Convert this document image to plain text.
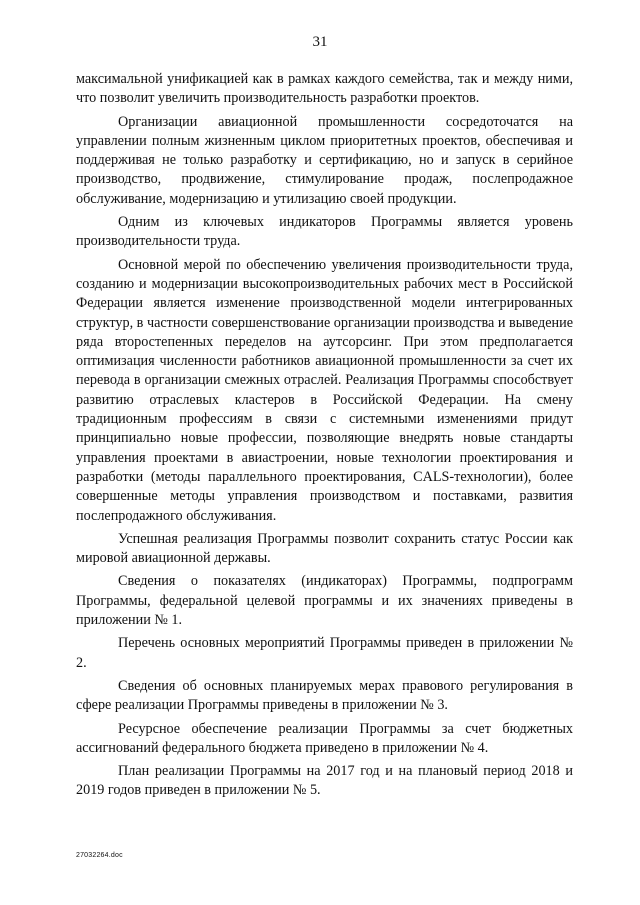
31

максимальной унификацией как в рамках каждого семейства, так и между ними, что позволит увеличить производительность разработки проектов.

Организации авиационной промышленности сосредоточатся на управлении полным жизненным циклом приоритетных проектов, обеспечивая и поддерживая не только разработку и сертификацию, но и запуск в серийное производство, продвижение, стимулирование продаж, послепродажное обслуживание, модернизацию и утилизацию своей продукции.

Одним из ключевых индикаторов Программы является уровень производительности труда.

Основной мерой по обеспечению увеличения производительности труда, созданию и модернизации высокопроизводительных рабочих мест в Российской Федерации является изменение производственной модели интегрированных структур, в частности совершенствование организации производства и выведение ряда второстепенных переделов на аутсорсинг. При этом предполагается оптимизация численности работников авиационной промышленности за счет их перевода в организации смежных отраслей. Реализация Программы способствует развитию отраслевых кластеров в Российской Федерации. На смену традиционным профессиям в связи с системными изменениями придут принципиально новые профессии, позволяющие внедрять новые стандарты управления проектами в авиастроении, новые технологии проектирования и разработки (методы параллельного проектирования, CALS-технологии), более совершенные методы управления производством и поставками, развития послепродажного обслуживания.

Успешная реализация Программы позволит сохранить статус России как мировой авиационной державы.

Сведения о показателях (индикаторах) Программы, подпрограмм Программы, федеральной целевой программы и их значениях приведены в приложении № 1.

Перечень основных мероприятий Программы приведен в приложении № 2.

Сведения об основных планируемых мерах правового регулирования в сфере реализации Программы приведены в приложении № 3.

Ресурсное обеспечение реализации Программы за счет бюджетных ассигнований федерального бюджета приведено в приложении № 4.

План реализации Программы на 2017 год и на плановый период 2018 и 2019 годов приведен в приложении № 5.

27032264.doc
